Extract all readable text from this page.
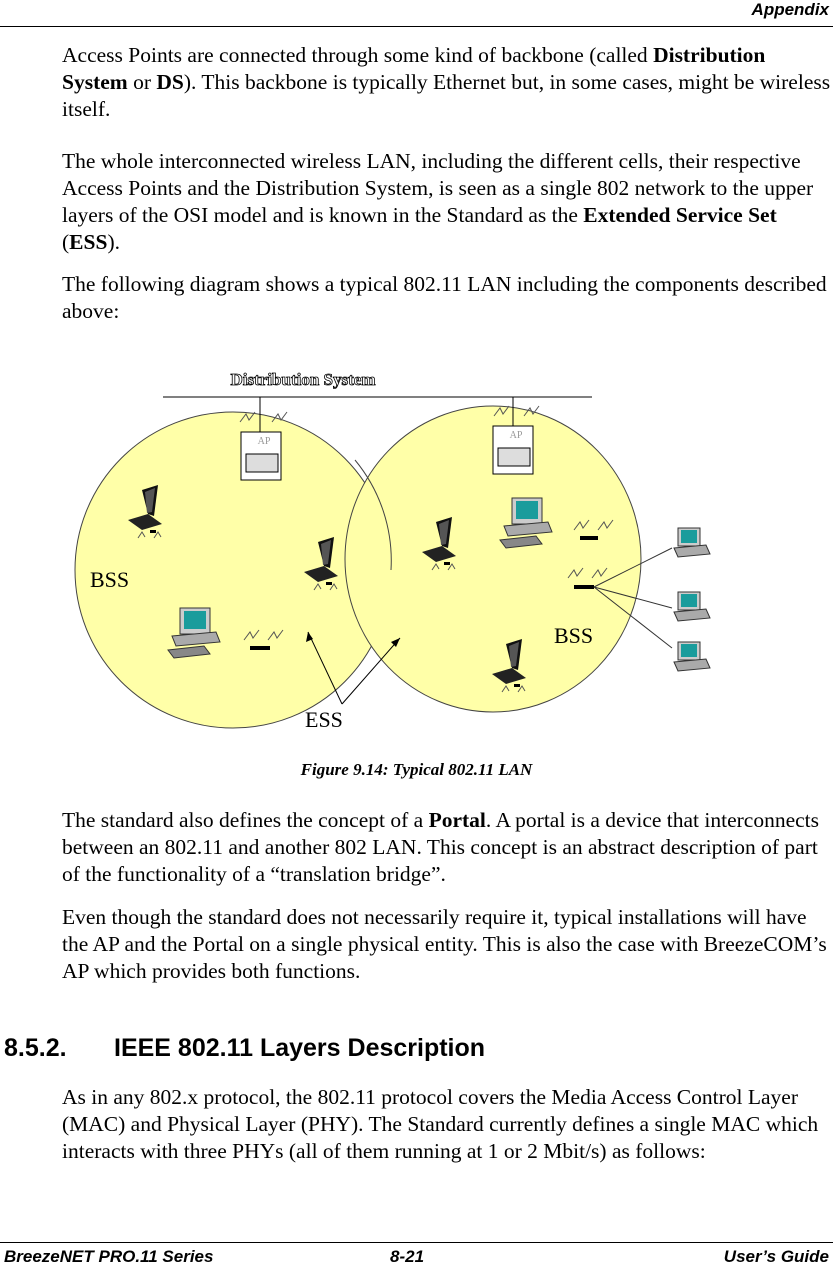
Appendix

Access Points are connected through some kind of backbone (called Distribution System or DS). This backbone is typically Ethernet but, in some cases, might be wireless itself.

The whole interconnected wireless LAN, including the different cells, their respective Access Points and the Distribution System, is seen as a single 802 network to the upper layers of the OSI model and is known in the Standard as the Extended Service Set (ESS).

The following diagram shows a typical 802.11 LAN including the components described above:

Distribution System
AP
AP
BSS
BSS
ESS
Figure 9.14: Typical 802.11 LAN

The standard also defines the concept of a Portal. A portal is a device that interconnects between an 802.11 and another 802 LAN. This concept is an abstract description of part of the functionality of a “translation bridge”.

Even though the standard does not necessarily require it, typical installations will have the AP and the Portal on a single physical entity. This is also the case with BreezeCOM’s AP which provides both functions.

8.5.2. IEEE 802.11 Layers Description

As in any 802.x protocol, the 802.11 protocol covers the Media Access Control Layer (MAC) and Physical Layer (PHY). The Standard currently defines a single MAC which interacts with three PHYs (all of them running at 1 or 2 Mbit/s) as follows:

BreezeNET PRO.11 Series	8-21	User’s Guide
